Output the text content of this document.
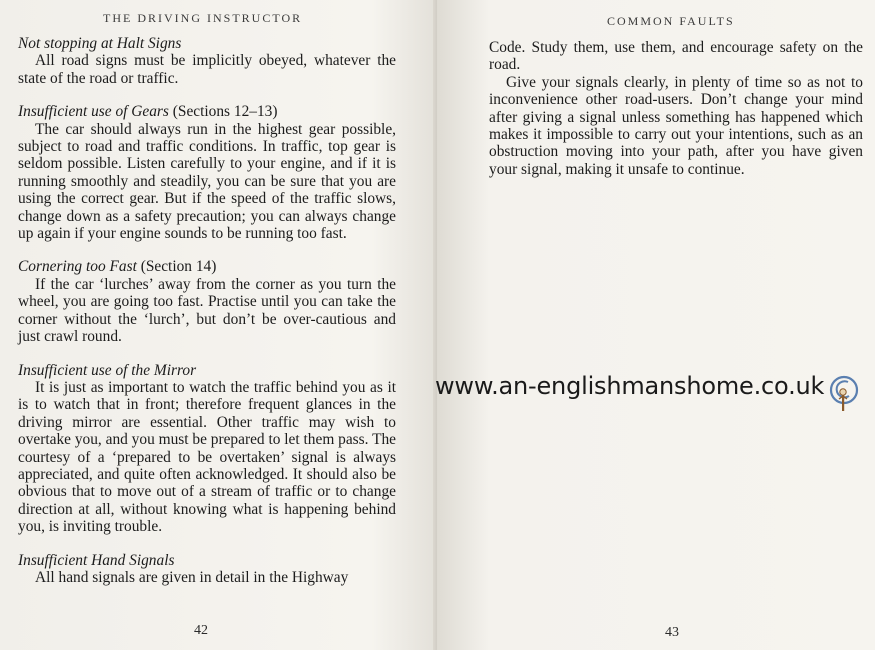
THE DRIVING INSTRUCTOR
Not stopping at Halt Signs

All road signs must be implicitly obeyed, whatever the state of the road or traffic.

Insufficient use of Gears (Sections 12–13)

The car should always run in the highest gear possible, subject to road and traffic conditions. In traffic, top gear is seldom possible. Listen carefully to your engine, and if it is running smoothly and steadily, you can be sure that you are using the correct gear. But if the speed of the traffic slows, change down as a safety precaution; you can always change up again if your engine sounds to be running too fast.

Cornering too Fast (Section 14)

If the car ‘lurches’ away from the corner as you turn the wheel, you are going too fast. Practise until you can take the corner without the ‘lurch’, but don’t be over-cautious and just crawl round.

Insufficient use of the Mirror

It is just as important to watch the traffic behind you as it is to watch that in front; therefore frequent glances in the driving mirror are essential. Other traffic may wish to overtake you, and you must be prepared to let them pass. The courtesy of a ‘prepared to be overtaken’ signal is always appreciated, and quite often acknowledged. It should also be obvious that to move out of a stream of traffic or to change direction at all, without knowing what is happening behind you, is inviting trouble.

Insufficient Hand Signals

All hand signals are given in detail in the Highway

42
COMMON FAULTS

Code. Study them, use them, and encourage safety on the road.

Give your signals clearly, in plenty of time so as not to inconvenience other road-users. Don’t change your mind after giving a signal unless something has happened which makes it impossible to carry out your intentions, such as an obstruction moving into your path, after you have given your signal, making it unsafe to continue.

43
www.an-englishmanshome.co.uk
